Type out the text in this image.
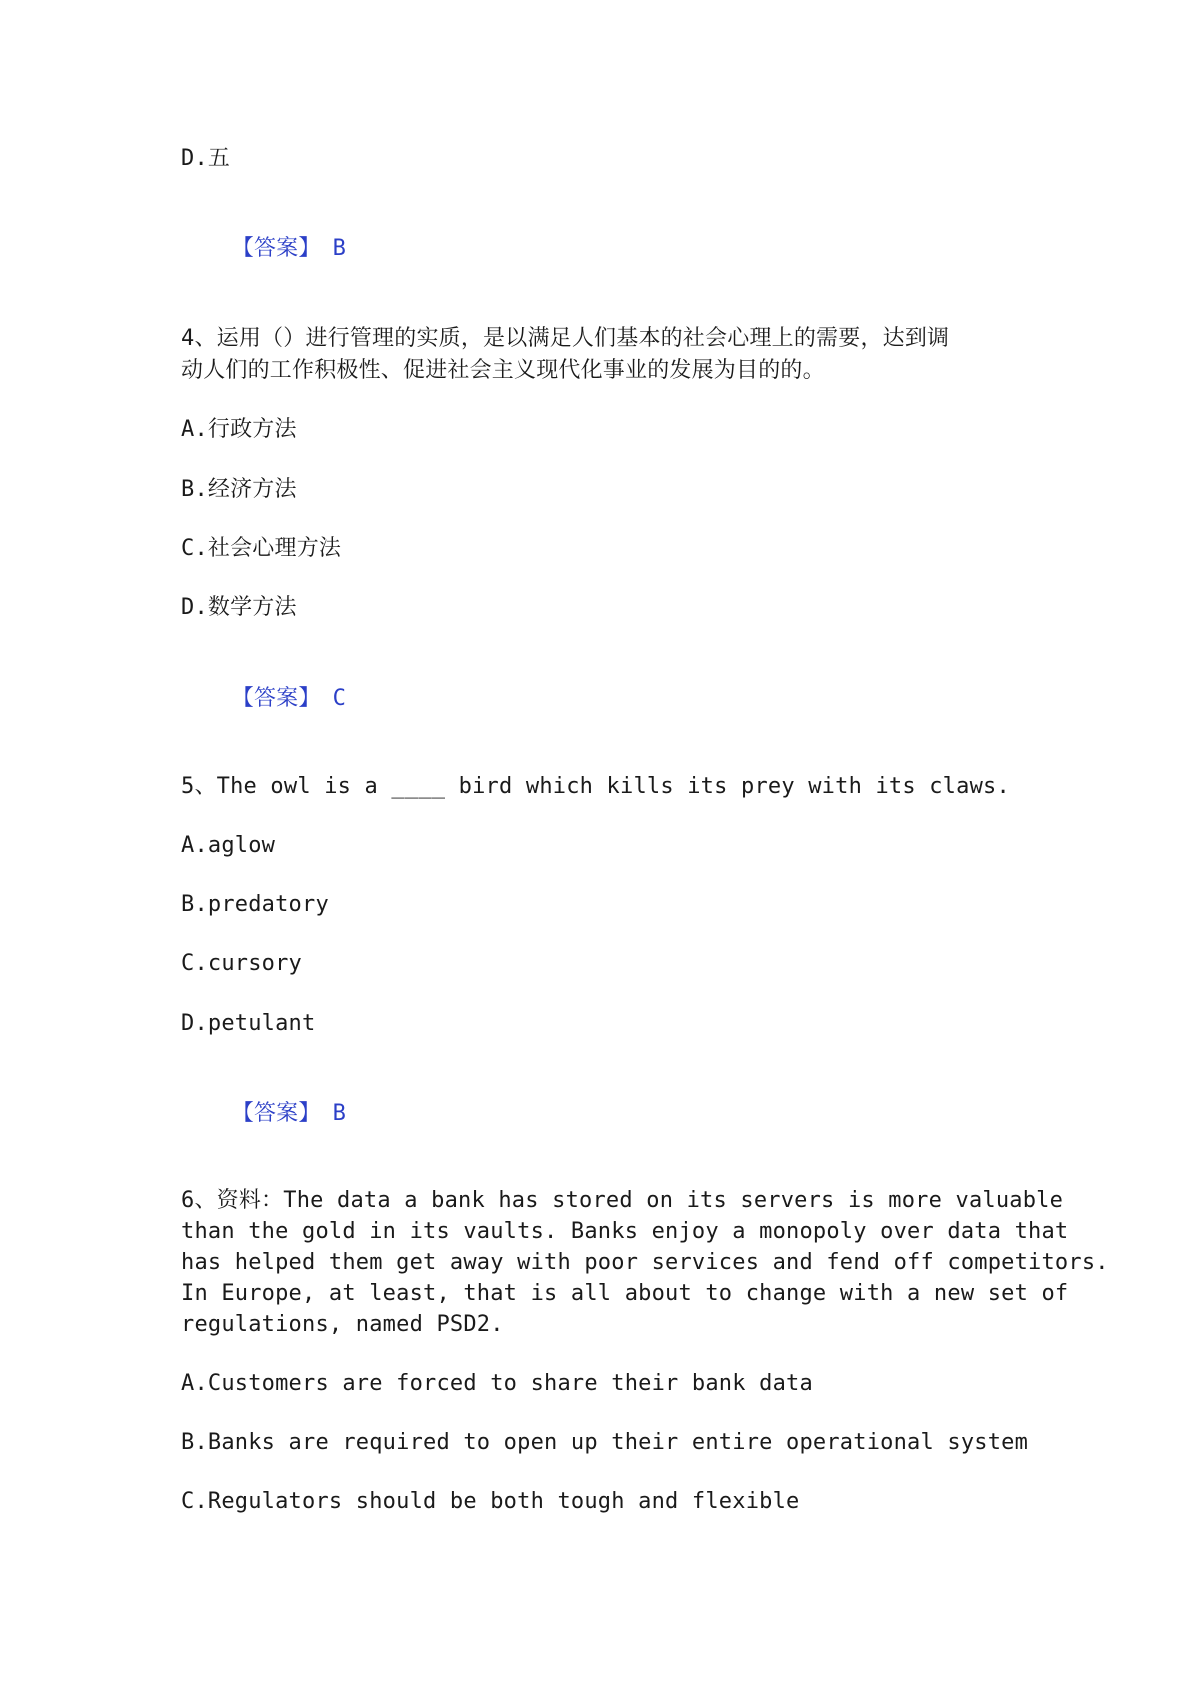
D.五

【答案】 B

4、运用（）进行管理的实质，是以满足人们基本的社会心理上的需要，达到调
动人们的工作积极性、促进社会主义现代化事业的发展为目的的。
A.行政方法
B.经济方法
C.社会心理方法
D.数学方法

【答案】 C

5、The owl is a ____ bird which kills its prey with its claws.
A.aglow
B.predatory
C.cursory
D.petulant

【答案】 B

6、资料：The data a bank has stored on its servers is more valuable
than the gold in its vaults. Banks enjoy a monopoly over data that
has helped them get away with poor services and fend off competitors.
In Europe, at least, that is all about to change with a new set of
regulations, named PSD2.
A.Customers are forced to share their bank data
B.Banks are required to open up their entire operational system
C.Regulators should be both tough and flexible
